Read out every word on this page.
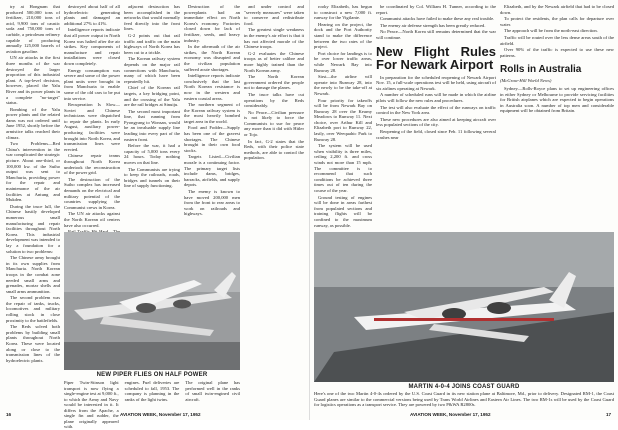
try at Hongnam that produced 500,000 tons of fertilizer, 210,000 tons of acid, 9,900 tons of caustic soda and 750,000 tons of carbide, a petroleum refinery capable of producing annually 125,000 barrels of aviation gasoline.

UN air attacks in the first three months of the war destroyed the larger proportion of this industrial plant. A top-level decision, however, placed the Yalu River and its power plants in a complete "no-target" status.

Bombing of the Yalu power plants and the related dams was not ordered until June 1952, shortly before the armistice talks reached their climax.

Two Problems—Red China's intervention in the war complicated the strategic picture. About one-third, or 100,000 kw. of the Suiho output was sent to Manchuria, providing power for the repair and maintenance of the air facilities at Antung and Mukden.

During the truce lull, the Chinese hastily developed numerous small manufacturing and repair facilities throughout North Korea. This industrial development was intended to lay a foundation for a solution to two problems:

The Chinese army brought in its own supplies from Manchuria. North Korean troops in the combat zone needed small arms and grenades, mortar shells and small arms ammunition.

The second problem was the repair of tanks, trucks, locomotives and military rolling stock in close proximity to the battlefields.

The Reds solved both problems by building small plants throughout North Korea. These were located along or close to the transmission lines of the hydroelectric plants.

destroyed about half of all hydroelectric generating plants and damaged an additional 27% to 41%.

Intelligence reports indicate that all power output in North Korea was halted after the air strikes. Key components of manufacture and repair installations were closed down completely.

Energy consumption was severe and some of the power plant units were brought in from Manchuria to enable some of the old cars to be put into service.

Recuperation Is Slow—Soviet and Chinese technicians were dispatched to repair the plants. In early August, auxiliary power-producing facilities were brought into North Korea, and transmission lines were erected.

Chinese repair teams throughout North Korea undertook the reconstruction of the power grid.

The destruction of the Suiho complex has increased demands on the electrical and military potential of the countries supplying the Communist crews in Korea.

The UN air attacks against the North Korean oil centers have also occurred.

adjacent destruction has been accomplished in the networks that would normally feed directly into the front lines.

G-2 points out that rail traffic and traffic on the main highways of North Korea has been cut to a trickle.

The Korean railway system depends on the major rail connections with Manchuria, many of which have been repeatedly hit.

Chief of the Korean rail targets, a key bridging point, and the crossing of the Yalu are the rail bridges at Sinuiju.

The second most important line, that running from Pyongyang to Wonsan, would be an invaluable supply line leading into every part of the eastern front.

Before the war, it had a capacity of 5,000 tons every 24 hours. Today nothing moves on that line.

The Communists are trying to keep the railroads, roads, bridges and tunnels on their line of supply functioning.

Destruction of the powerplants had an immediate effect on North Korea's economy. Factories closed down for lack of fertilizer, seeds, and heavy industry.

In the aftermath of the air strikes, the North Korean economy was disrupted and the civilian population suffered acute shortages.

Intelligence reports indicate conclusively that the last North Korean resistance is now in the western and eastern coastal areas.

The northern segment of the Korean railway system is the most heavily bombed target area in the world.

Food and Fodder—Supply has been one of the gravest shortages. The Chinese brought in their own food stocks.

Targets Listed—Civilian morale is a continuing factor. The primary target lists include dams, bridges, barracks, airfields, and supply depots.

The enemy is known to have moved 200,000 men from the front to rear areas to work on railroads and highways.

and under control and "severely measures" were taken to conserve and redistribute food.

The greatest single weakness in the enemy's air effort is that it has not affected morale of the Chinese troops.

G-2 evaluates the Chinese troops as of better calibre and more highly trained than the North Korean army.

The North Korean government ordered the people not to damage the planes.

The truce talks have cut operations by the Reds considerably.

No Peace—Civilian pressure is not likely to force the Communists to sue for peace any more than it did with Hitler or Tojo.

In fact, G-2 states that the Reds, with their police state methods, are able to control the population.

NEW PIPER FLIES ON HALF POWER
Piper Twin-Stinson light transport is now flying a single-engine test at 9,000 ft., to which the Army and Navy would be interested in it. It differs from the Apache, a single fin and rudder, the plane originally appeared with.
engines. Fuel deliveries are scheduled to fall, 1953. The company is planning in the ranks of the light twins.
The original plane has performed well in the ranks of small twin-engined civil aircraft.
16	AVIATION WEEK, November 17, 1952

rooky Elizabeth, has begun to construct a new 7,000 ft. runway for the Vigilante.

Hearing on the project, the dock and the Port Authority stand to make the difference between the two rates of the project.

Port choice for landings is to be over lower traffic areas, while Newark Bay into Runway 28.

Sirst—the airline will operate into Runway 28, into the newly to be the take-off at Newark.

Four priority for takeoffs will be from Newark Bay on Runway 28 over the Kearny Meadows to Runway 11. Next choice, over Arthur Kill and Elizabeth port to Runway 22, lastly, over Weequahic Park to Runway 28.

The system will be used when visibility is three miles, ceiling 2,200 ft. and cross winds not more than 15 mph. The committee is to recommend that such conditions be achieved three times out of ten during the course of the year.

Ground testing of engines will be done in areas farthest from populated sections and training flights will be confined to the maximum runway, as possible.

be coordinated by Col. William H. Tunner, according to the report.

Communist attacks have failed to make these any real trouble.

The enemy air defense strength has been greatly reduced.

No Peace—North Korea still remains determined that the war will continue.

New Flight Rules For Newark Airport

In preparation for the scheduled reopening of Newark Airport Nov. 15, a full-scale operations test will be held, using aircraft of six airlines operating at Newark.

A number of scheduled runs will be made in which the airline pilots will follow the new rules and procedures.

The test will also evaluate the effect of the runways on traffic control in the New York area.

These new procedures are also aimed at keeping aircraft over less populated sections of the city.

Reopening of the field, closed since Feb. 11 following several crashes near

Elizabeth, and by the Newark airfield that had to be closed down.

To protect the residents, the plan calls for departure over water.

The approach will be from the north-east direction.

Traffic will be routed over the less dense areas south of the airfield.

Over 90% of the traffic is expected to use these new patterns.

Rolls in Australia
(McGraw-Hill World News)

Sydney—Rolls-Royce plans to set up engineering offices in either Sydney or Melbourne to provide servicing facilities for British airplanes which are expected to begin operations in Australia soon. A number of top men and considerable equipment will be obtained from Britain.

MARTIN 4-0-4 JOINS COAST GUARD
Here's one of the two Martin 4-0-4s ordered by the U.S. Coast Guard in its new station plane at Baltimore, Md., prior to delivery. Designated RM-1, the Coast Guard planes are similar to the commercial versions being used by Trans World Airlines and Eastern Air Lines. The two RM-1s will be used by the Coast Guard for logistics operations as a transport service. They are powered by two P&WA R2800s.
AVIATION WEEK, November 17, 1952	17
